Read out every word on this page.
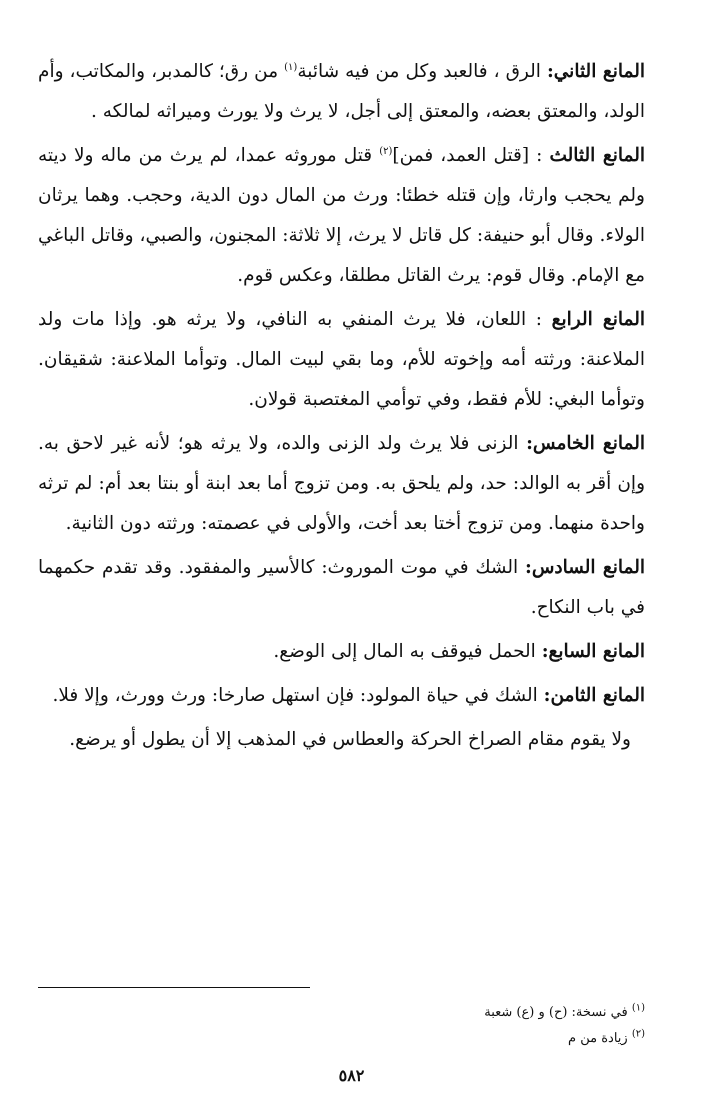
المانع الثاني: الرق ، فالعبد وكل من فيه شائبة$^{(١)}$ من رق؛ كالمدبر، والمكاتب، وأم الولد، والمعتق بعضه، والمعتق إلى أجل، لا يرث ولا يورث وميراثه لمالكه .

المانع الثالث : [قتل العمد، فمن]$^{(٢)}$ قتل موروثه عمدا، لم يرث من ماله ولا ديته ولم يحجب وارثا، وإن قتله خطئا: ورث من المال دون الدية، وحجب. وهما يرثان الولاء. وقال أبو حنيفة: كل قاتل لا يرث، إلا ثلاثة: المجنون، والصبي، وقاتل الباغي مع الإمام. وقال قوم: يرث القاتل مطلقا، وعكس قوم.

المانع الرابع : اللعان، فلا يرث المنفي به النافي، ولا يرثه هو. وإذا مات ولد الملاعنة: ورثته أمه وإخوته للأم، وما بقي لبيت المال. وتوأما الملاعنة: شقيقان. وتوأما البغي: للأم فقط، وفي توأمي المغتصبة قولان.

المانع الخامس: الزنى فلا يرث ولد الزنى والده، ولا يرثه هو؛ لأنه غير لاحق به. وإن أقر به الوالد: حد، ولم يلحق به. ومن تزوج أما بعد ابنة أو بنتا بعد أم: لم ترثه واحدة منهما. ومن تزوج أختا بعد أخت، والأولى في عصمته: ورثته دون الثانية.

المانع السادس: الشك في موت الموروث: كالأسير والمفقود. وقد تقدم حكمهما في باب النكاح.

المانع السابع: الحمل فيوقف به المال إلى الوضع.

المانع الثامن: الشك في حياة المولود: فإن استهل صارخا: ورث وورث، وإلا فلا.

ولا يقوم مقام الصراخ الحركة والعطاس في المذهب إلا أن يطول أو يرضع.

$^{(١)}$ في نسخة: (ح) و (ع) شعبة
$^{(٢)}$ زيادة من م
٥٨٢
